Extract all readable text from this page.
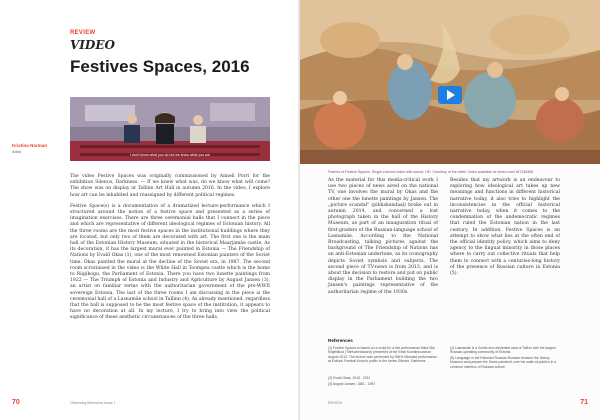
REVIEW
VIDEO
Festives Spaces, 2016
I don't know what you do but we know what you are
Kristina Norman
Artist

The video Festive Spaces was originally commissioned by Anneli Porri for the exhibition Silence, Darkness. — If we knew what was, do we know what will come? The show was on display at Tallinn Art Hall in autumn 2016. In the video, I explore how art can be inhabited and reassigned by different political regimes.

Festive Space(s) is a documentation of a dramatized lecture-performance which I structured around the notion of a festive space and presented as a series of imagination exercises. There are three ceremonial halls that I connect in the piece and which are representative of different ideological regimes of Estonian history. All the three rooms are the most festive spaces in the institutional buildings where they are located, but only two of them are decorated with art. The first one is the main hall of the Estonian History Museum, situated in the historical Maarjamäe castle. As its decoration, it has the largest mural ever painted in Estonia — The Friendship of Nations by Evald Okas (1), one of the most renowned Estonian painters of the Soviet time. Okas painted the mural at the decline of the Soviet era, in 1987. The second room scrutinised in the video is the White Hall in Toompea castle which is the home to Riigikogu, the Parliament of Estonia. There you have two lunette paintings from 1922 — The Triumph of Estonia and Industry and Agriculture by August Jansen (3), an artist on familiar terms with the authoritarian government of the pre-WWII sovereign Estonia. The last of the three rooms I am discussing in the piece is the ceremonial hall of a Lasnamäe school in Tallinn (4). As already mentioned, regardless that the hall is supposed to be the most festive space of the institution, it appears to have no decoration at all. In my lecture, I try to bring into view the political significance of these aesthetic circumstances of the three halls.

70	Observing Memories Issue 1
Frames of Festive Spaces. Single-channel video with sound, HD. Courtesy of the artist. Video available at vimeo.com/187438466
As the material for this media-critical work I use two pieces of news aired on the national TV, one involves the mural by Okas and the other one the lunette paintings by Jansen. The „picture scandal" (pildiskandaal) broke out in autumn 2014, and concerned a lost photograph taken in the hall of the History Museum, as part of an inauguration ritual of first-graders of the Russian-language school of Lasnamäe. According to the National Broadcasting, talking pictures against the background of The Friendship of Nations has an anti-Estonian undertone, as its iconography depicts Soviet symbols and subjects. The second piece of TV-news is from 2013, and is about the decision to restore and put on public display in the Parliament building the two Jansen's paintings representative of the authoritarian regime of the 1930s.
Besides that my artwork is an endeavour to exploring how ideological art takes up new meanings and functions in different historical narrative today, it also tries to highlight the inconsistencies in the official historical narrative today, when it comes to the condemnation of the undemocratic regimes that ruled the Estonian nation in the last century. In addition, Festive Spaces is an attempt to show what lies at the often end of the official identity policy, which aims to deny agency to the lingual minority in those places where to carry out collective rituals that help them to connect with a centuries-long history of the presence of Russian culture in Estonia (5).
References
(1) Festive Spaces is based on a script for a live performance titled Mai Kiigelillkud (Titelvahendused) presented at the Eesti Kunstimuuseum August 2013. The lecture was performed by SNHL Mismaid performance at Kultuuri Festival Kumu's public in the series Silence, Darkness.
(2) Evald Okas, 1915 - 2011
(3) August Jansen, 1881 - 1957
(4) Lasnamäe is a Soviet-era residential area of Tallinn with the largest Russian-speaking community of Estonia.
(5) Language in the Estonian Russian-Russian became the history Museum and prepare the Dewe painted it over the walls at public's in a common intention of Russian culture.
REVIEW	71
